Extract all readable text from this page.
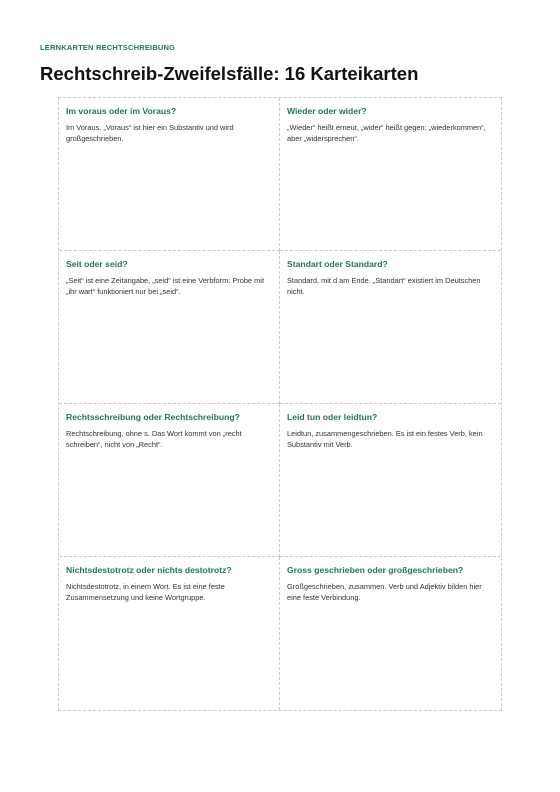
LERNKARTEN RECHTSCHREIBUNG
Rechtschreib-Zweifelsfälle: 16 Karteikarten

Im voraus oder im Voraus?

Im Voraus. „Voraus“ ist hier ein Substantiv und wird großgeschrieben.

Wieder oder wider?

„Wieder“ heißt erneut, „wider“ heißt gegen: „wiederkommen“, aber „widersprechen“.

Seit oder seid?

„Seit“ ist eine Zeitangabe, „seid“ ist eine Verbform: Probe mit „ihr wart“ funktioniert nur bei „seid“.

Standart oder Standard?

Standard, mit d am Ende. „Standart“ existiert im Deutschen nicht.

Rechtsschreibung oder Rechtschreibung?

Rechtschreibung, ohne s. Das Wort kommt von „recht schreiben“, nicht von „Recht“.

Leid tun oder leidtun?

Leidtun, zusammengeschrieben. Es ist ein festes Verb, kein Substantiv mit Verb.

Nichtsdestotrotz oder nichts destotrotz?

Nichtsdestotrotz, in einem Wort. Es ist eine feste Zusammensetzung und keine Wortgruppe.

Gross geschrieben oder großgeschrieben?

Großgeschrieben, zusammen. Verb und Adjektiv bilden hier eine feste Verbindung.
